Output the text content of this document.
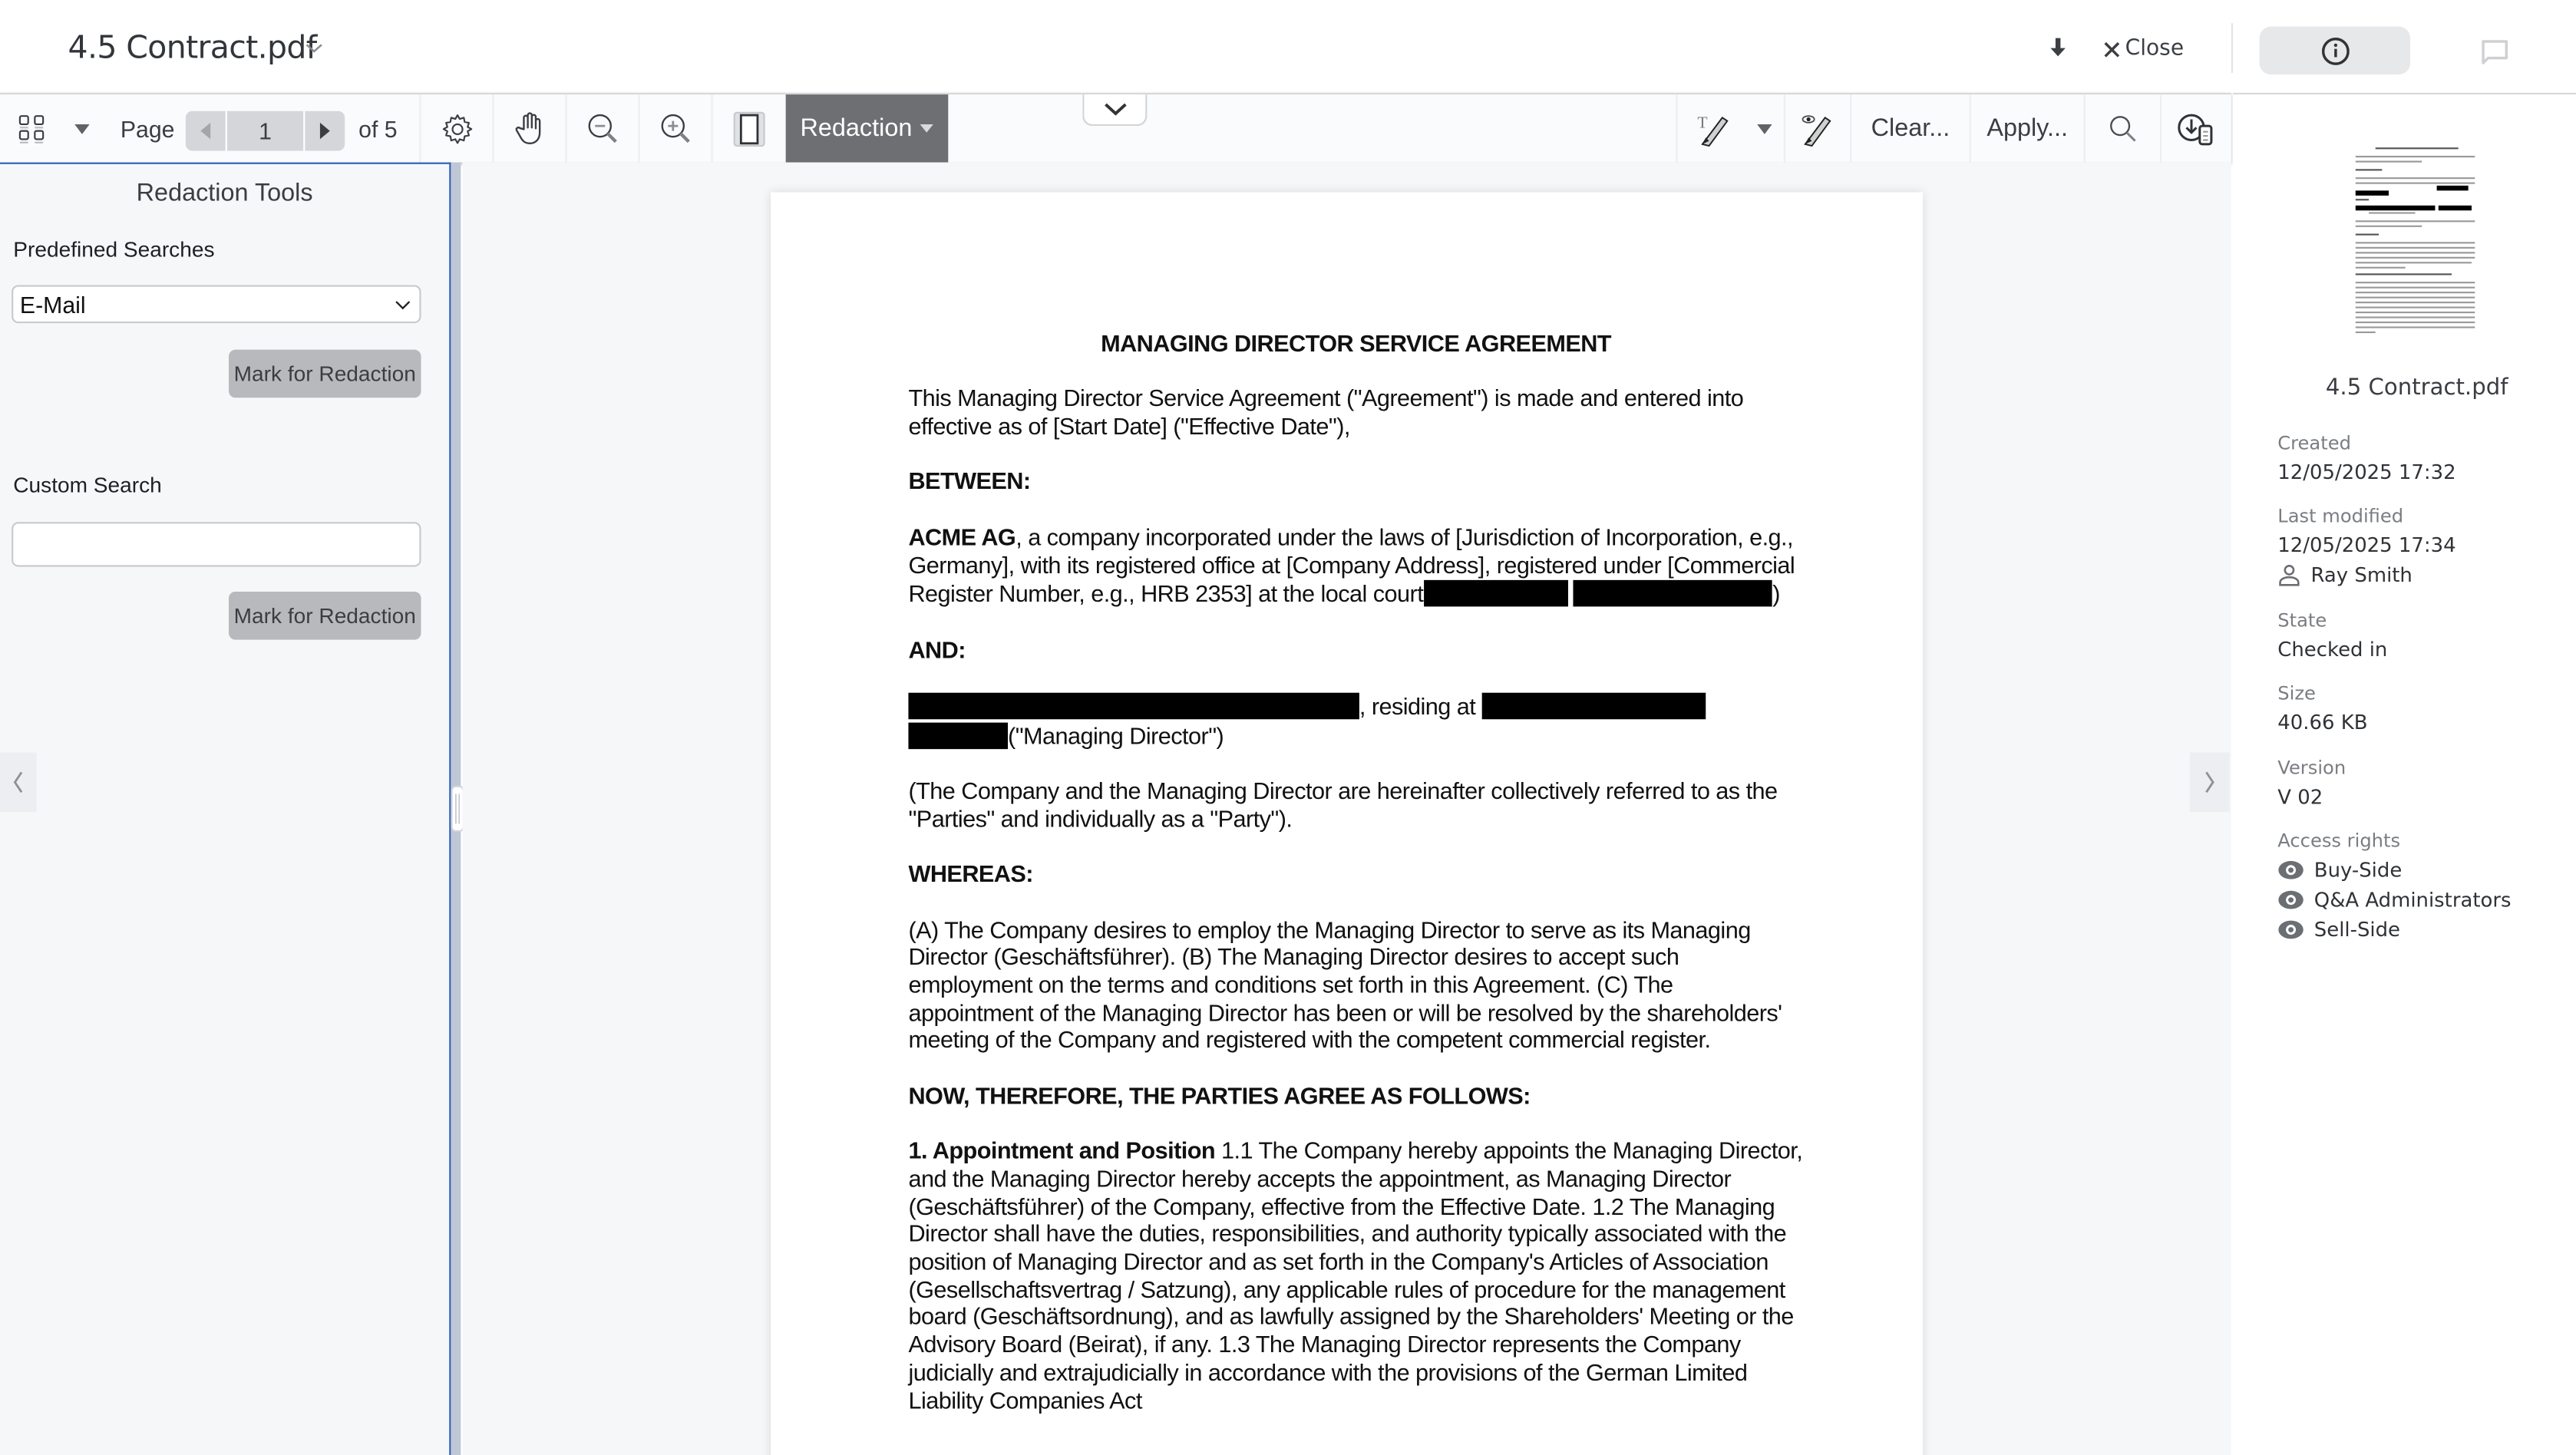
4.5 Contract.pdf	Close
Page	1	of 5	Redaction	T	Clear...	Apply...
Redaction Tools
Predefined Searches
E-Mail
Mark for Redaction
Custom Search
Mark for Redaction

MANAGING DIRECTOR SERVICE AGREEMENT

This Managing Director Service Agreement ("Agreement") is made and entered into effective as of [Start Date] ("Effective Date"),

BETWEEN:

ACME AG, a company incorporated under the laws of [Jurisdiction of Incorporation, e.g., Germany], with its registered office at [Company Address], registered under [Commercial Register Number, e.g., HRB 2353] at the local court	)

AND:

, residing at
("Managing Director")

(The Company and the Managing Director are hereinafter collectively referred to as the "Parties" and individually as a "Party").

WHEREAS:

(A) The Company desires to employ the Managing Director to serve as its Managing Director (Geschäftsführer). (B) The Managing Director desires to accept such employment on the terms and conditions set forth in this Agreement. (C) The appointment of the Managing Director has been or will be resolved by the shareholders' meeting of the Company and registered with the competent commercial register.

NOW, THEREFORE, THE PARTIES AGREE AS FOLLOWS:

1. Appointment and Position 1.1 The Company hereby appoints the Managing Director, and the Managing Director hereby accepts the appointment, as Managing Director (Geschäftsführer) of the Company, effective from the Effective Date. 1.2 The Managing Director shall have the duties, responsibilities, and authority typically associated with the position of Managing Director and as set forth in the Company's Articles of Association (Gesellschaftsvertrag / Satzung), any applicable rules of procedure for the management board (Geschäftsordnung), and as lawfully assigned by the Shareholders' Meeting or the Advisory Board (Beirat), if any. 1.3 The Managing Director represents the Company judicially and extrajudicially in accordance with the provisions of the German Limited Liability Companies Act

4.5 Contract.pdf
Created
12/05/2025 17:32
Last modified
12/05/2025 17:34
Ray Smith
State
Checked in
Size
40.66 KB
Version
V 02
Access rights
Buy-Side
Q&A Administrators
Sell-Side
